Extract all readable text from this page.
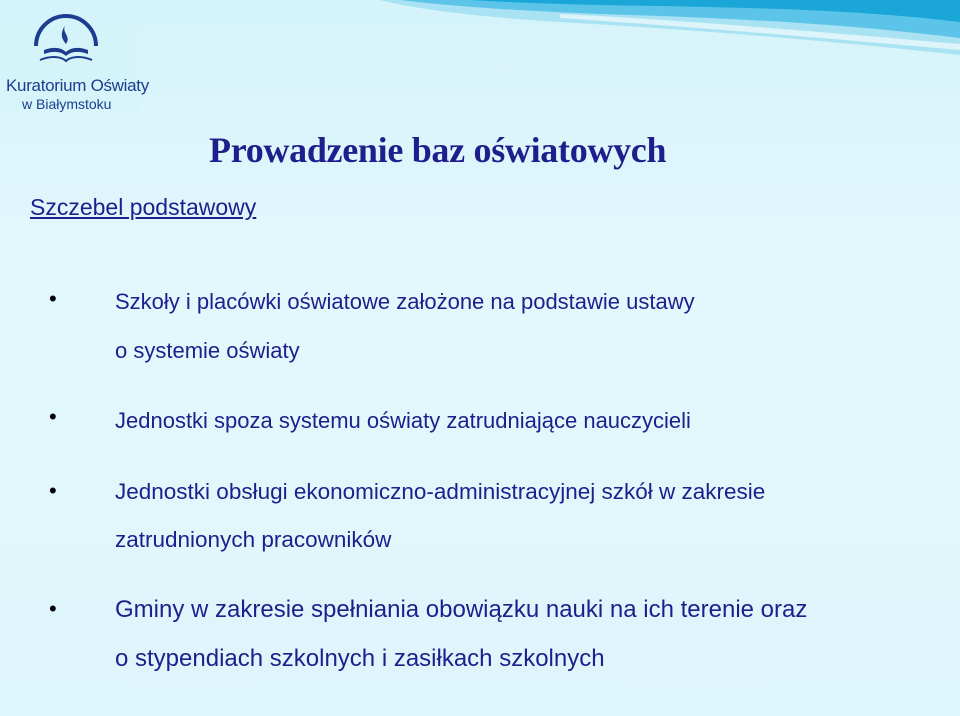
Kuratorium Oświaty
w Białymstoku
Prowadzenie baz oświatowych
Szczebel podstawowy
•	Szkoły i placówki oświatowe założone na podstawie ustawy
o systemie oświaty
•	Jednostki spoza systemu oświaty zatrudniające nauczycieli
•	Jednostki obsługi ekonomiczno-administracyjnej szkół w zakresie
zatrudnionych pracowników
• Gminy w zakresie spełniania obowiązku nauki na ich terenie oraz
o stypendiach szkolnych i zasiłkach szkolnych
